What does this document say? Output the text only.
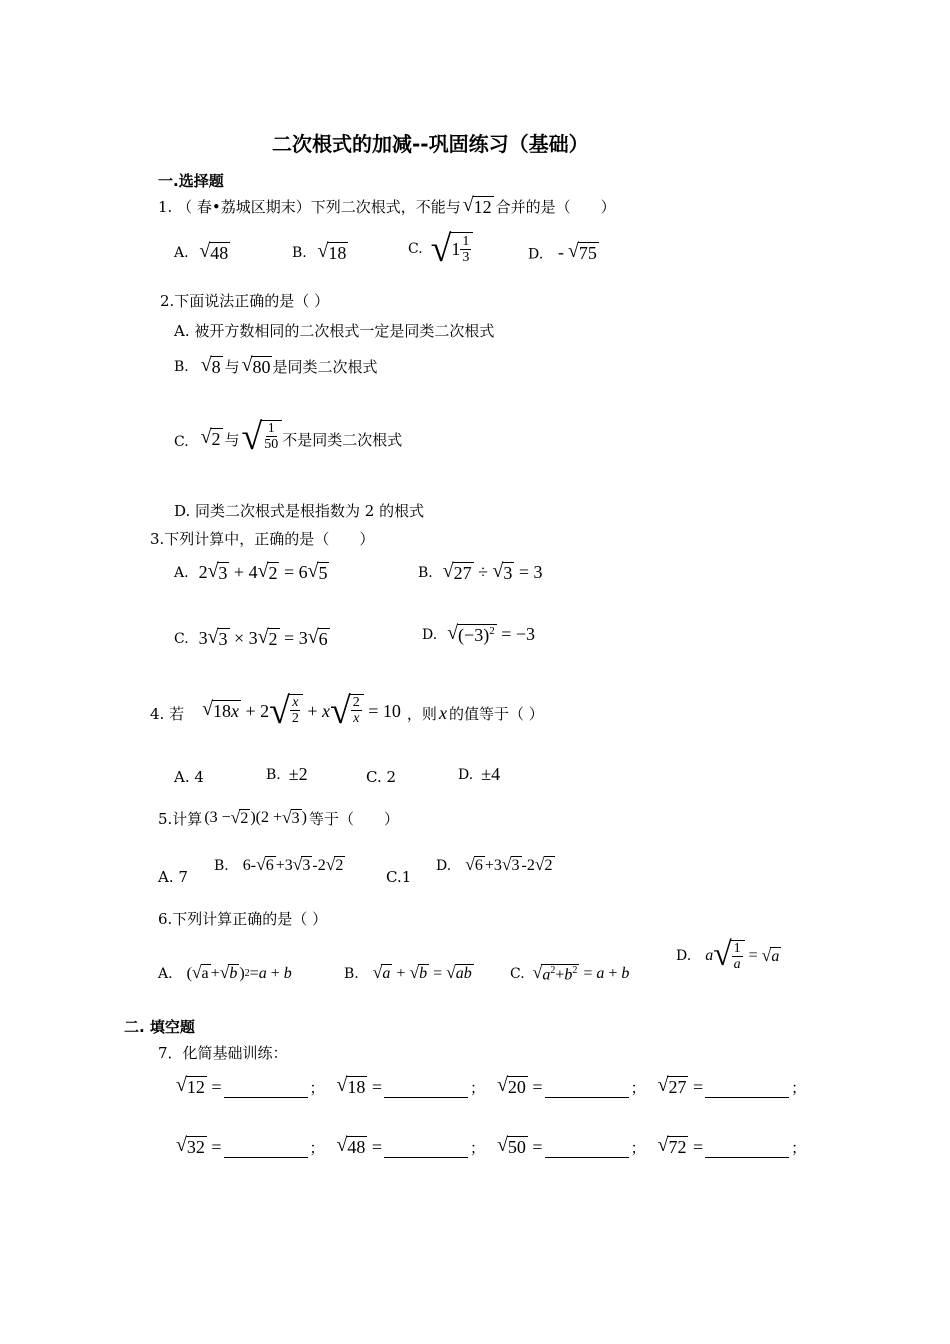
二次根式的加减--巩固练习（基础）
一.选择题
1. （ 春•荔城区期末）下列二次根式，不能与 √ 12 合并的是（　　）
A. √ 48	B. √ 18	C. √ $1 \frac{1}{3}$	D. - √ 75
2.下面说法正确的是（ ）
A. 被开方数相同的二次根式一定是同类二次根式
B. √ 8 与 √ 80 是同类二次根式
C. √ 2 与 √ $\frac{1}{50}$ 不是同类二次根式
D. 同类二次根式是根指数为 2 的根式
3.下列计算中，正确的是（　　）
A. 2 √ 3 + 4 √ 2 = 6 √ 5	B. √ 27 ÷ √ 3 = 3
C. 3 √ 3 × 3 √ 2 = 3 √ 6	D. √ $(-3)^2 = -3$
4. 若 √ 18x + 2 √ $\frac{x}{2} + x$ √ $\frac{2}{x} = 10$ ，则 x 的值等于（ ）
A. 4	B. ±2	C. 2	D. ±4
5.计算 (3 − √ 2 )(2 + √ 3 ) 等于（　　）
A. 7
B. 6- √ 6 +3 √ 3 -2 √ 2
C.1
D. √ 6 +3 √ 3 -2 √ 2
6.下列计算正确的是（ ）
A. ( √ a + √ b ) 2 = a + b	B. √ a + √ b = √ ab	C. √ $a^2+b^2 = a + b$
D. a √ $\frac{1}{a}$ = √ a
二. 填空题
7．化简基础训练：
√ 12 =	； √ 18 =	； √ 20 =	； √ 27 =	；
√ 32 =	； √ 48 =	； √ 50 =	； √ 72 =	；
